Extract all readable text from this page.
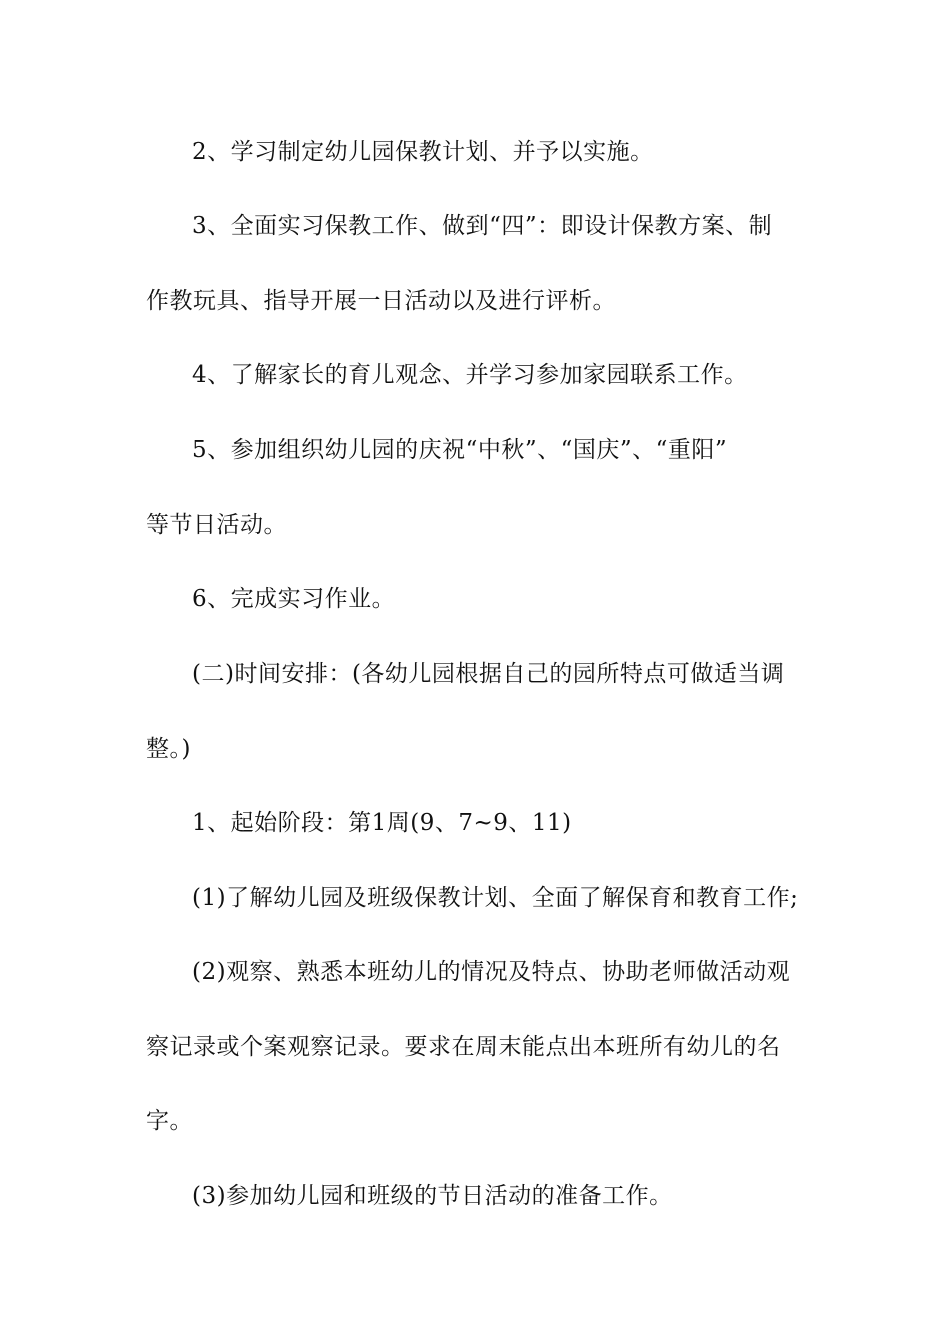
2、学习制定幼儿园保教计划、并予以实施。
3、全面实习保教工作、做到“四”：即设计保教方案、制
作教玩具、指导开展一日活动以及进行评析。
4、了解家长的育儿观念、并学习参加家园联系工作。
5、参加组织幼儿园的庆祝“中秋”、“国庆”、“重阳”
等节日活动。
6、完成实习作业。
(二)时间安排：(各幼儿园根据自己的园所特点可做适当调
整。)
1、起始阶段：第1周(9、7~9、11)
(1)了解幼儿园及班级保教计划、全面了解保育和教育工作;
(2)观察、熟悉本班幼儿的情况及特点、协助老师做活动观
察记录或个案观察记录。要求在周末能点出本班所有幼儿的名
字。
(3)参加幼儿园和班级的节日活动的准备工作。
